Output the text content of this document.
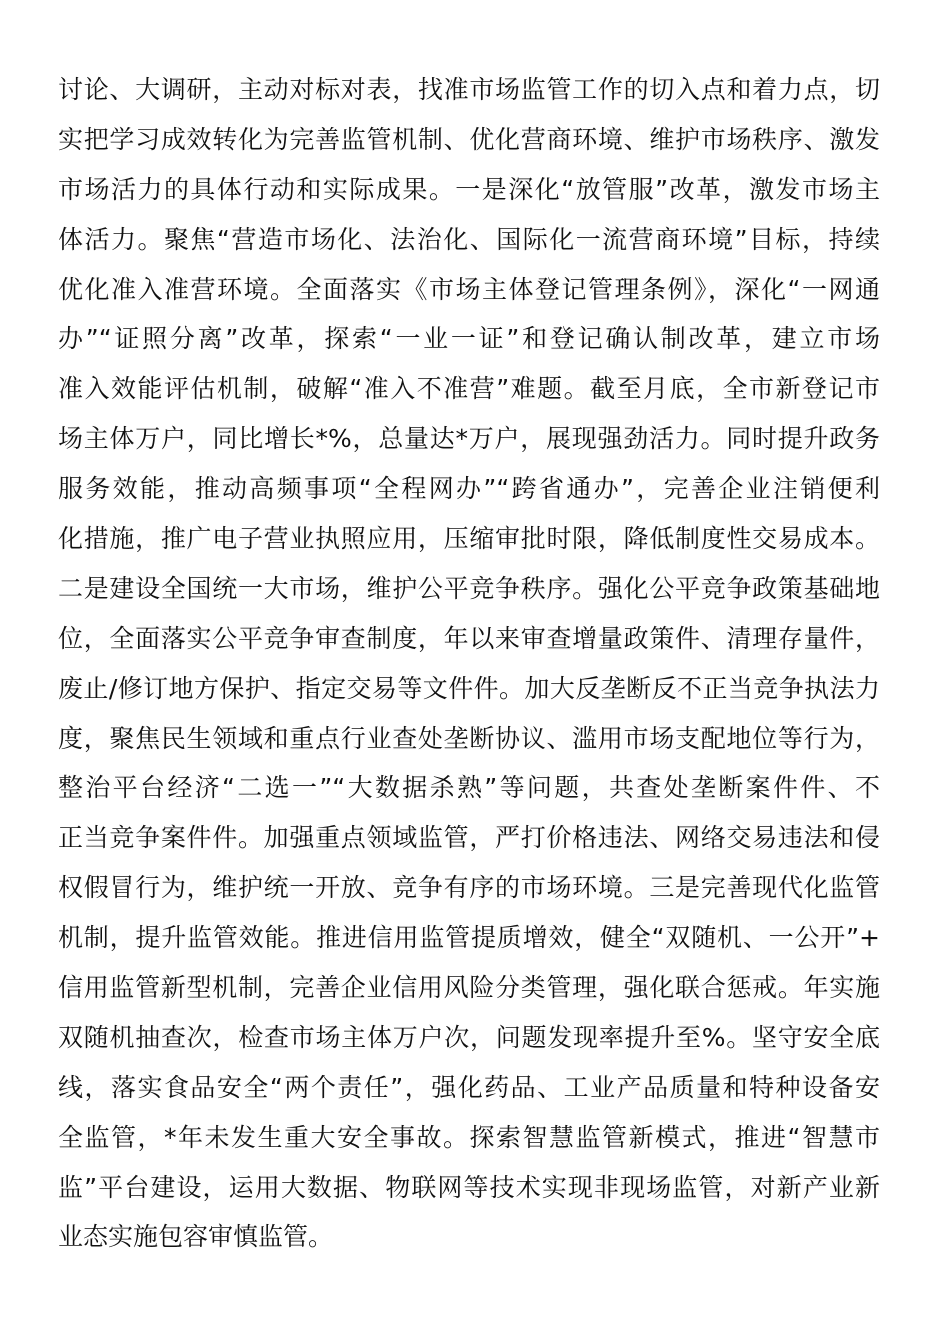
讨论、大调研，主动对标对表，找准市场监管工作的切入点和着力点，切
实把学习成效转化为完善监管机制、优化营商环境、维护市场秩序、激发
市场活力的具体行动和实际成果。一是深化“放管服”改革，激发市场主
体活力。聚焦“营造市场化、法治化、国际化一流营商环境”目标，持续
优化准入准营环境。全面落实《市场主体登记管理条例》，深化“一网通
办”“证照分离”改革，探索“一业一证”和登记确认制改革，建立市场
准入效能评估机制，破解“准入不准营”难题。截至月底，全市新登记市
场主体万户，同比增长*%，总量达*万户，展现强劲活力。同时提升政务
服务效能，推动高频事项“全程网办”“跨省通办”，完善企业注销便利
化措施，推广电子营业执照应用，压缩审批时限，降低制度性交易成本。
二是建设全国统一大市场，维护公平竞争秩序。强化公平竞争政策基础地
位，全面落实公平竞争审查制度，年以来审查增量政策件、清理存量件，
废止/修订地方保护、指定交易等文件件。加大反垄断反不正当竞争执法力
度，聚焦民生领域和重点行业查处垄断协议、滥用市场支配地位等行为，
整治平台经济“二选一”“大数据杀熟”等问题，共查处垄断案件件、不
正当竞争案件件。加强重点领域监管，严打价格违法、网络交易违法和侵
权假冒行为，维护统一开放、竞争有序的市场环境。三是完善现代化监管
机制，提升监管效能。推进信用监管提质增效，健全“双随机、一公开”+
信用监管新型机制，完善企业信用风险分类管理，强化联合惩戒。年实施
双随机抽查次，检查市场主体万户次，问题发现率提升至%。坚守安全底
线，落实食品安全“两个责任”，强化药品、工业产品质量和特种设备安
全监管，*年未发生重大安全事故。探索智慧监管新模式，推进“智慧市
监”平台建设，运用大数据、物联网等技术实现非现场监管，对新产业新
业态实施包容审慎监管。
